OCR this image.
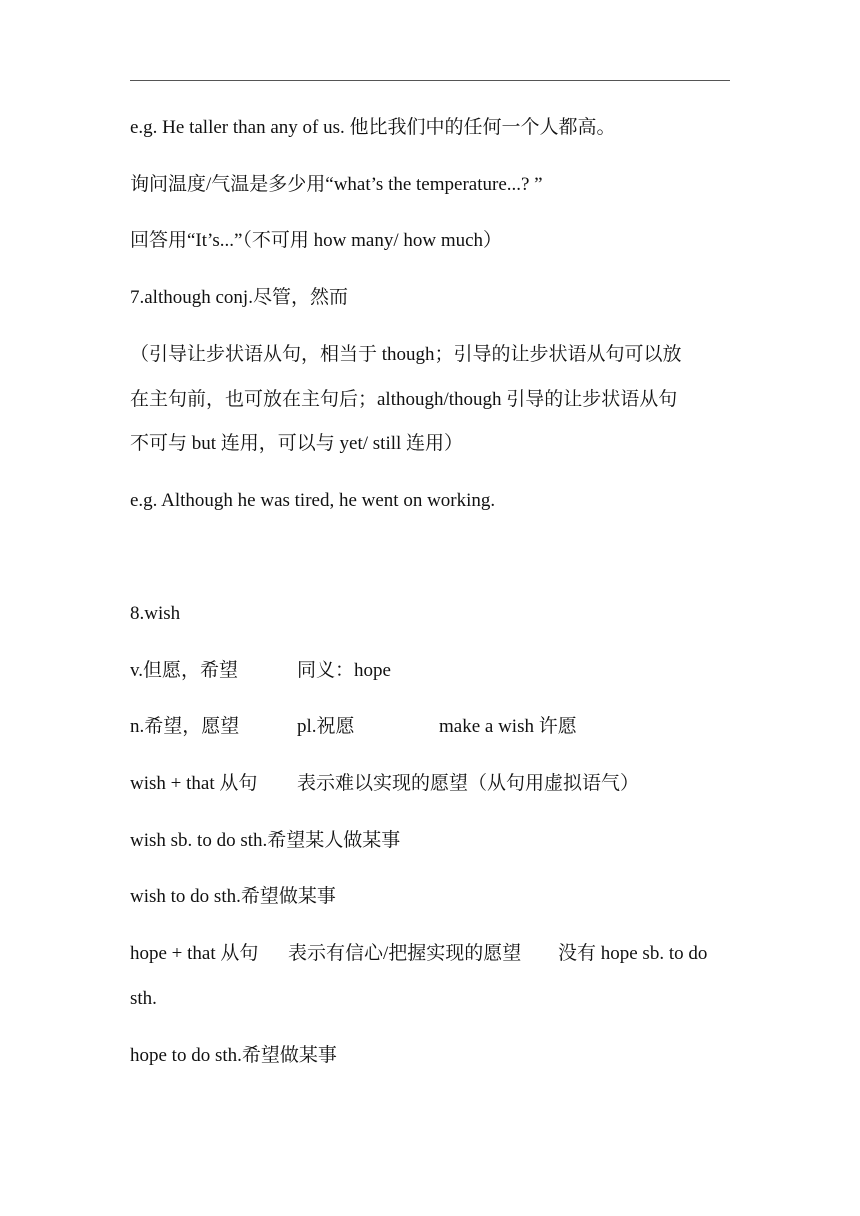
e.g. He taller than any of us. 他比我们中的任何一个人都高。
询问温度/气温是多少用“what’s the temperature...? ”
回答用“It’s...”（不可用 how many/ how much）
7.although conj.尽管，然而
（引导让步状语从句，相当于 though；引导的让步状语从句可以放
在主句前，也可放在主句后；although/though 引导的让步状语从句
不可与 but 连用，可以与 yet/ still 连用）
e.g. Although he was tired, he went on working.
8.wish
v.但愿，希望	同义：hope
n.希望，愿望	pl.祝愿	make a wish 许愿
wish + that 从句 表示难以实现的愿望（从句用虚拟语气）
wish sb. to do sth.希望某人做某事
wish to do sth.希望做某事
hope + that 从句 表示有信心/把握实现的愿望 没有 hope sb. to do
sth.
hope to do sth.希望做某事
